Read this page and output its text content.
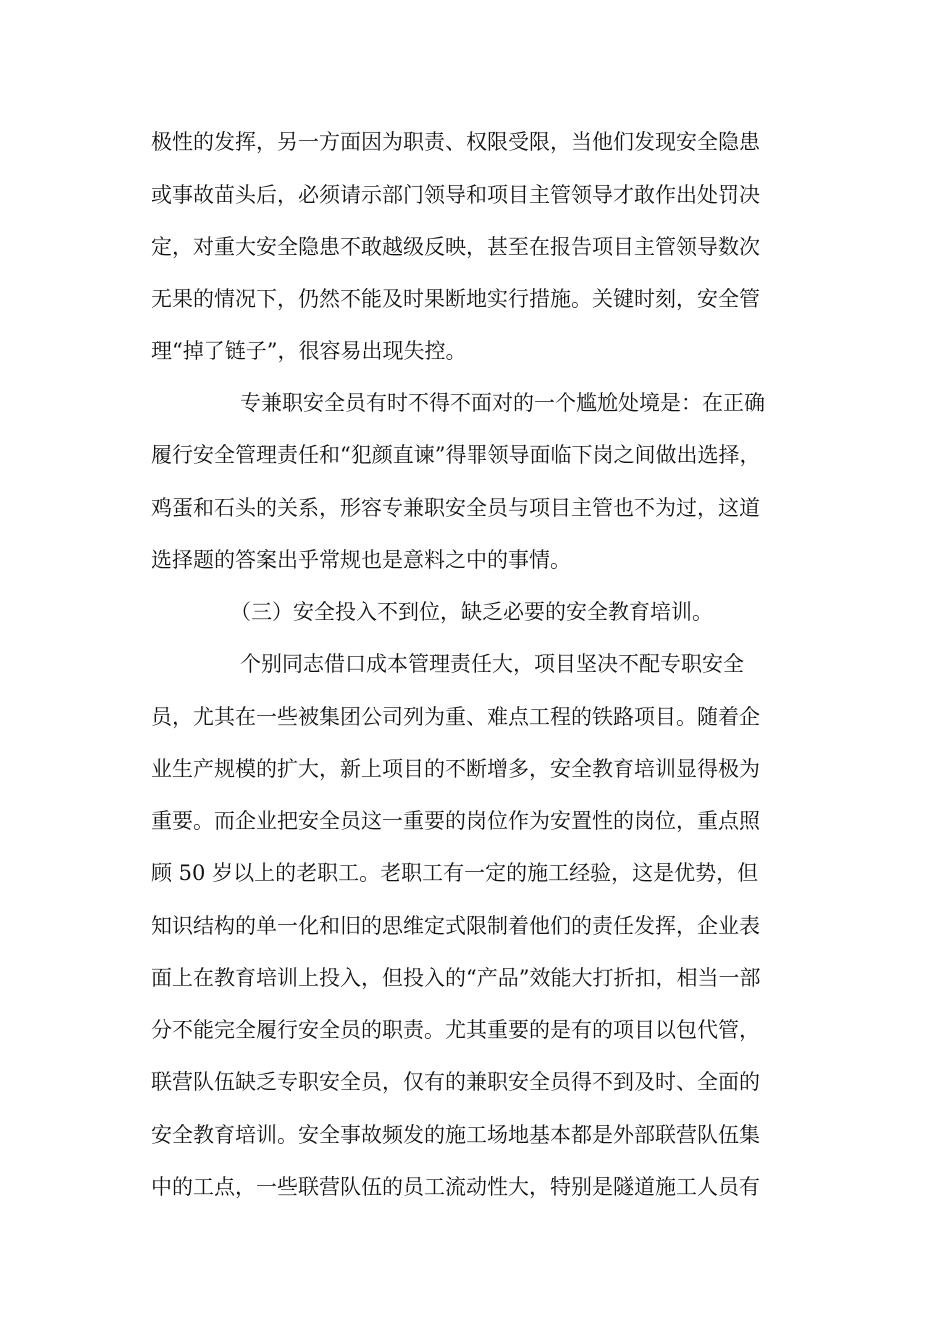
极性的发挥，另一方面因为职责、权限受限，当他们发现安全隐患
或事故苗头后，必须请示部门领导和项目主管领导才敢作出处罚决
定，对重大安全隐患不敢越级反映，甚至在报告项目主管领导数次
无果的情况下，仍然不能及时果断地实行措施。关键时刻，安全管
理“掉了链子”，很容易出现失控。
专兼职安全员有时不得不面对的一个尴尬处境是：在正确
履行安全管理责任和“犯颜直谏”得罪领导面临下岗之间做出选择，
鸡蛋和石头的关系，形容专兼职安全员与项目主管也不为过，这道
选择题的答案出乎常规也是意料之中的事情。
（三）安全投入不到位，缺乏必要的安全教育培训。
个别同志借口成本管理责任大，项目坚决不配专职安全
员，尤其在一些被集团公司列为重、难点工程的铁路项目。随着企
业生产规模的扩大，新上项目的不断增多，安全教育培训显得极为
重要。而企业把安全员这一重要的岗位作为安置性的岗位，重点照
顾 50 岁以上的老职工。老职工有一定的施工经验，这是优势，但
知识结构的单一化和旧的思维定式限制着他们的责任发挥，企业表
面上在教育培训上投入，但投入的“产品”效能大打折扣，相当一部
分不能完全履行安全员的职责。尤其重要的是有的项目以包代管，
联营队伍缺乏专职安全员，仅有的兼职安全员得不到及时、全面的
安全教育培训。安全事故频发的施工场地基本都是外部联营队伍集
中的工点，一些联营队伍的员工流动性大，特别是隧道施工人员有
